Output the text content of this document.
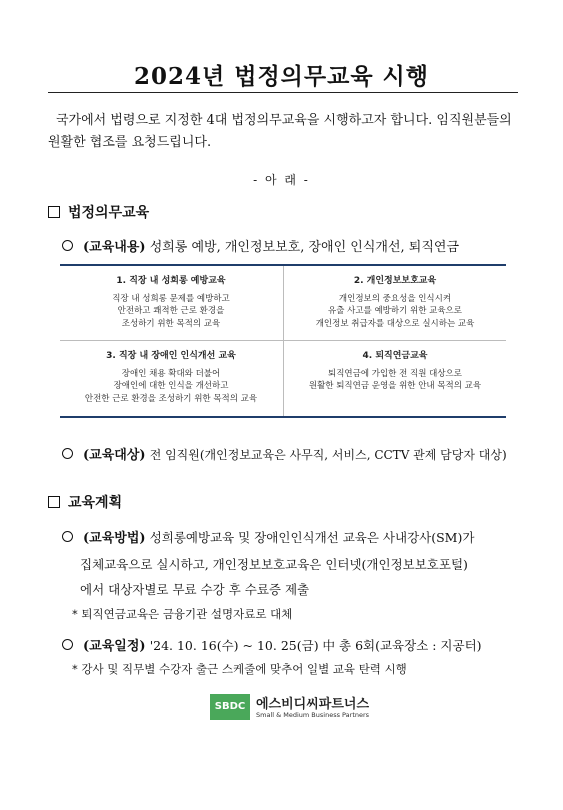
2024년 법정의무교육 시행
국가에서 법령으로 지정한 4대 법정의무교육을 시행하고자 합니다. 임직원분들의 원활한 협조를 요청드립니다.
- 아 래 -
법정의무교육
(교육내용) 성희롱 예방, 개인정보보호, 장애인 인식개선, 퇴직연금
1. 직장 내 성희롱 예방교육
직장 내 성희롱 문제를 예방하고
안전하고 쾌적한 근로 환경을
조성하기 위한 목적의 교육
2. 개인정보보호교육
개인정보의 중요성을 인식시켜
유출 사고를 예방하기 위한 교육으로
개인정보 취급자를 대상으로 실시하는 교육
3. 직장 내 장애인 인식개선 교육
장애인 채용 확대와 더불어
장애인에 대한 인식을 개선하고
안전한 근로 환경을 조성하기 위한 목적의 교육
4. 퇴직연금교육
퇴직연금에 가입한 전 직원 대상으로
원활한 퇴직연금 운영을 위한 안내 목적의 교육
(교육대상) 전 임직원(개인정보교육은 사무직, 서비스, CCTV 관제 담당자 대상)
교육계획
(교육방법) 성희롱예방교육 및 장애인인식개선 교육은 사내강사(SM)가
집체교육으로 실시하고, 개인정보보호교육은 인터넷(개인정보보호포털)
에서 대상자별로 무료 수강 후 수료증 제출
* 퇴직연금교육은 금융기관 설명자료로 대체
(교육일정) '24. 10. 16(수) ~ 10. 25(금) 中 총 6회(교육장소 : 지공터)
* 강사 및 직무별 수강자 출근 스케줄에 맞추어 일별 교육 탄력 시행
SBDC 에스비디씨파트너스
Small & Medium Business Partners
